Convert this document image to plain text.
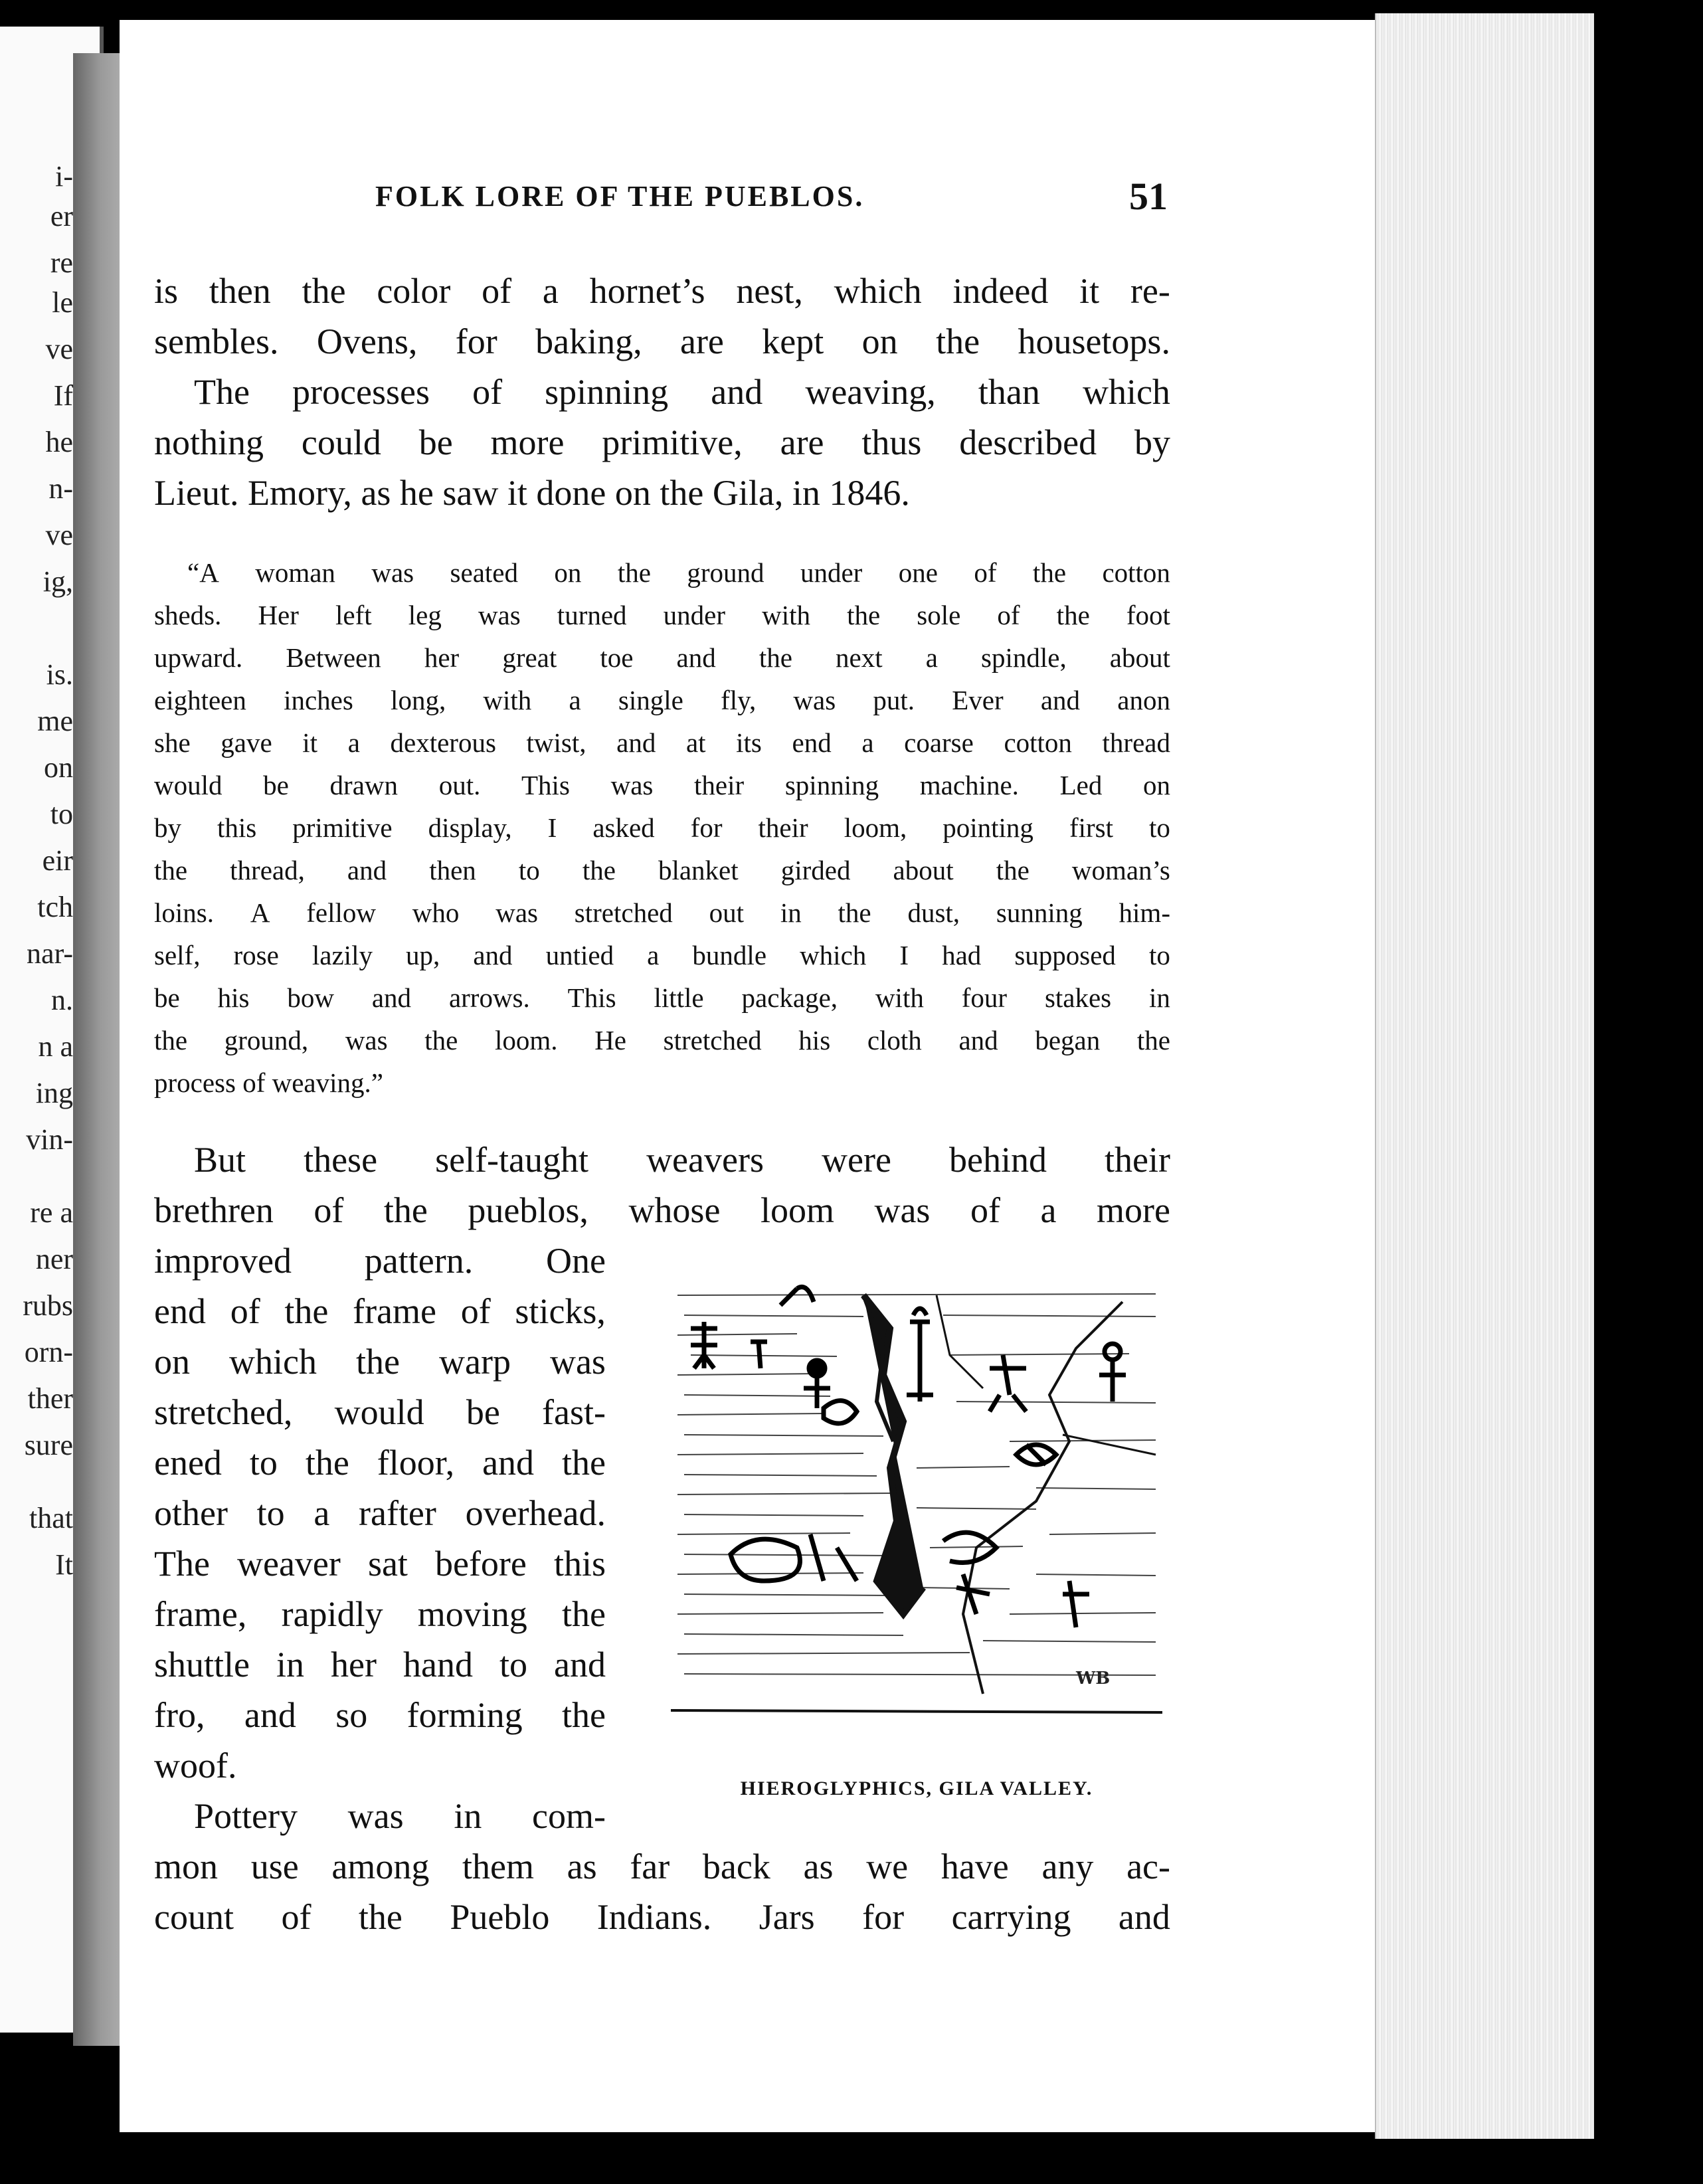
i-
er
re
le
ve
If
he
n-
ve
ig,
is.
me
on
to
eir
tch
nar-
n.
n a
ing
vin-
re a
ner
rubs
orn-
ther
sure
that
It
FOLK LORE OF THE PUEBLOS.	51
is then the color of a hornet’s nest, which indeed it re-
sembles. Ovens, for baking, are kept on the housetops.
The processes of spinning and weaving, than which
nothing could be more primitive, are thus described by
Lieut.
Emory,
as
he
saw
it
done
on
the
Gila,
in
1846.

“A woman was seated on the ground under one of the cotton
sheds. Her left leg was turned under with the sole of the foot
upward. Between her great toe and the next a spindle, about
eighteen inches long, with a single fly, was put. Ever and anon
she gave it a dexterous twist, and at its end a coarse cotton thread
would be drawn out. This was their spinning machine. Led on
by this primitive display, I asked for their loom, pointing first to
the thread, and then to the blanket girded about the woman’s
loins. A fellow who was stretched out in the dust, sunning him-
self, rose lazily up, and untied a bundle which I had supposed to
be his bow and arrows. This little package, with four stakes in
the ground, was the loom. He stretched his cloth and began the
process
of
weaving.”

But these self-taught weavers were behind their
brethren of the pueblos, whose loom was of a more
improved pattern. One
end of the frame of sticks,
on which the warp was
stretched, would be fast-
ened to the floor, and the
other to a rafter overhead.
The weaver sat before this
frame, rapidly moving the
shuttle in her hand to and
fro, and so forming the
woof.

Pottery was in com-
mon use among them as far back as we have any ac-
count of the Pueblo Indians. Jars for carrying and
WB
HIEROGLYPHICS, GILA VALLEY.
